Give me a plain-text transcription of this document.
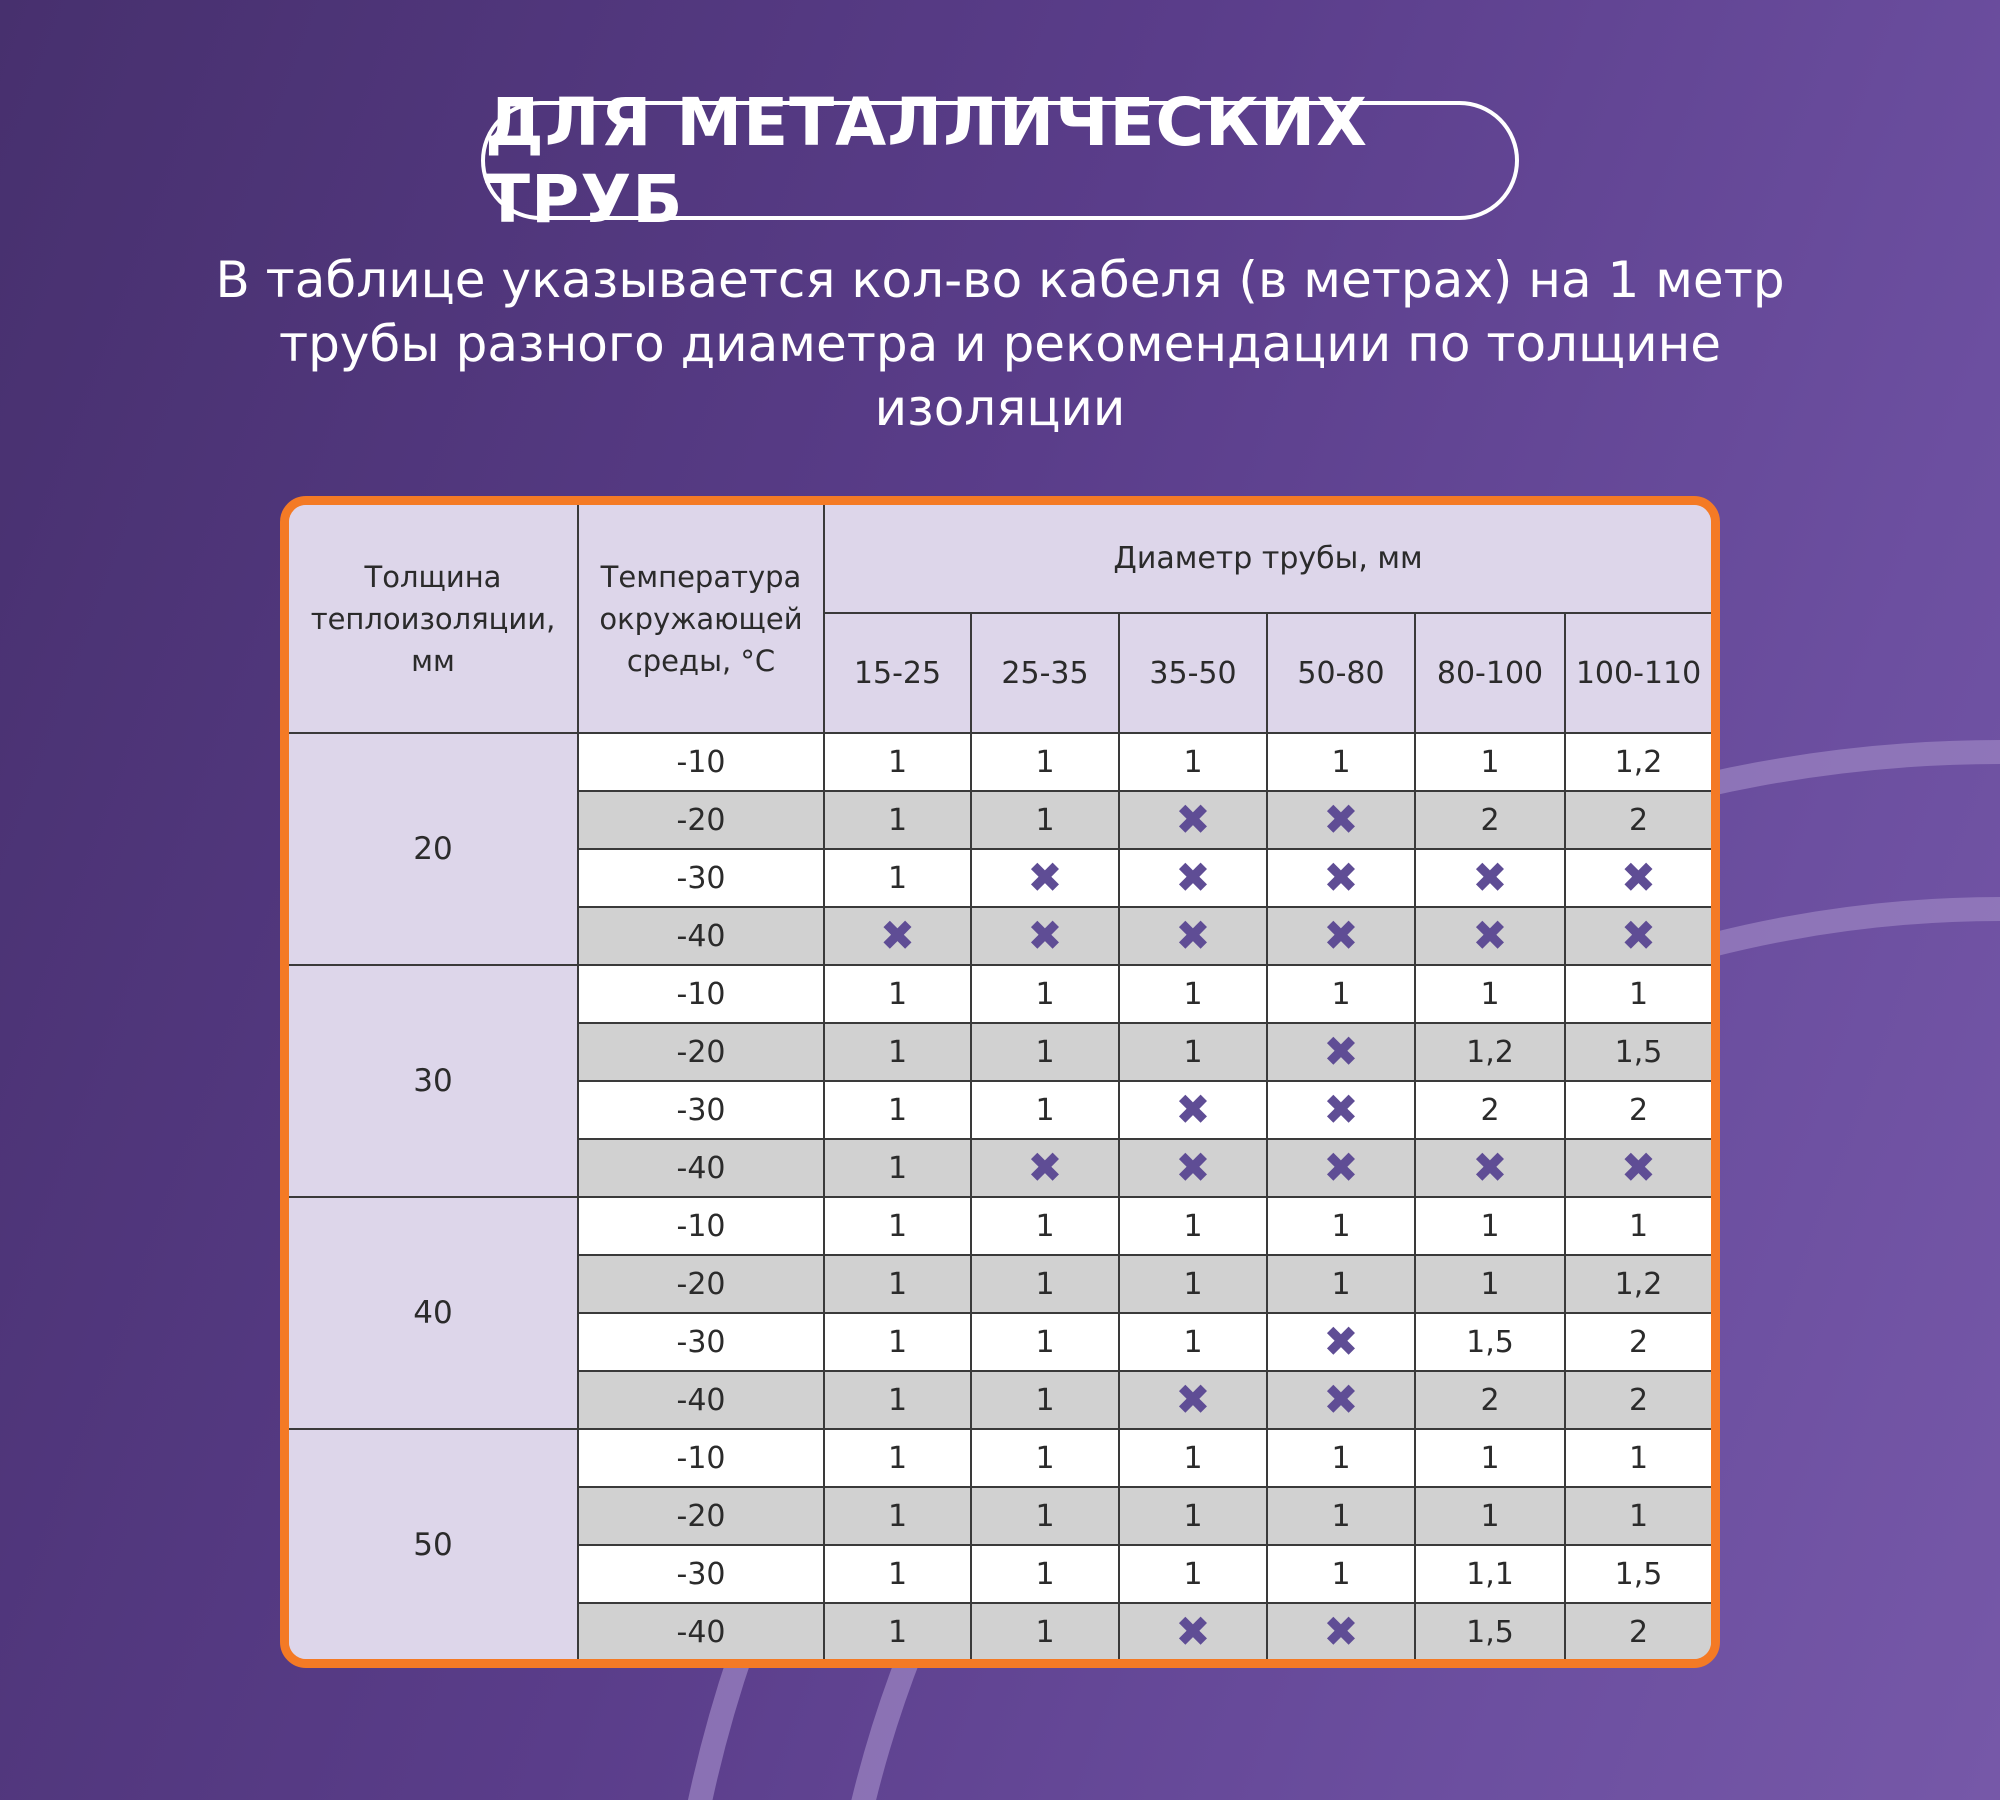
ДЛЯ МЕТАЛЛИЧЕСКИХ ТРУБ
В таблице указывается кол-во кабеля (в метрах) на 1 метр
трубы разного диаметра и рекомендации по толщине
изоляции
Толщина теплоизоляции, мм	Температура окружающей среды, °С	Диаметр трубы, мм					
		15-25	25-35	35-50	50-80	80-100	100-110
20	-10	1	1	1	1	1	1,2
	-20	1	1	✖	✖	2	2
	-30	1	✖	✖	✖	✖	✖
	-40	✖	✖	✖	✖	✖	✖
30	-10	1	1	1	1	1	1
	-20	1	1	1	✖	1,2	1,5
	-30	1	1	✖	✖	2	2
	-40	1	✖	✖	✖	✖	✖
40	-10	1	1	1	1	1	1
	-20	1	1	1	1	1	1,2
	-30	1	1	1	✖	1,5	2
	-40	1	1	✖	✖	2	2
50	-10	1	1	1	1	1	1
	-20	1	1	1	1	1	1
	-30	1	1	1	1	1,1	1,5
	-40	1	1	✖	✖	1,5	2
